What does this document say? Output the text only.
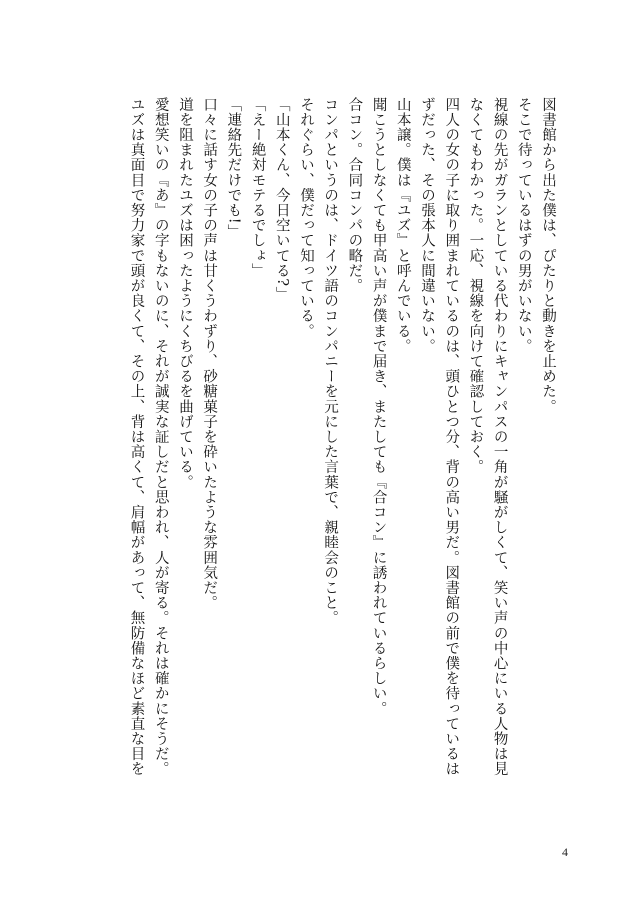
図書館から出た僕は、ぴたりと動きを止めた。
そこで待っているはずの男がいない。
視線の先がガランとしている代わりにキャンパスの一角が騒がしくて、笑い声の中心にいる人物は見
なくてもわかった。一応、視線を向けて確認しておく。
四人の女の子に取り囲まれているのは、頭ひとつ分、背の高い男だ。図書館の前で僕を待っているは
ずだった、その張本人に間違いない。
山本譲。僕は『ユズ』と呼んでいる。
聞こうとしなくても甲高い声が僕まで届き、またしても『合コン』に誘われているらしい。
合コン。合同コンパの略だ。
コンパというのは、ドイツ語のコンパニーを元にした言葉で、親睦会のこと。
それぐらい、僕だって知っている。
「山本くん、今日空いてる?」
「えー絶対モテるでしょ」
「連絡先だけでも!」
口々に話す女の子の声は甘くうわずり、砂糖菓子を砕いたような雰囲気だ。
道を阻まれたユズは困ったようにくちびるを曲げている。
愛想笑いの『あ』の字もないのに、それが誠実な証しだと思われ、人が寄る。それは確かにそうだ。
ユズは真面目で努力家で頭が良くて、その上、背は高くて、肩幅があって、無防備なほど素直な目を
4
